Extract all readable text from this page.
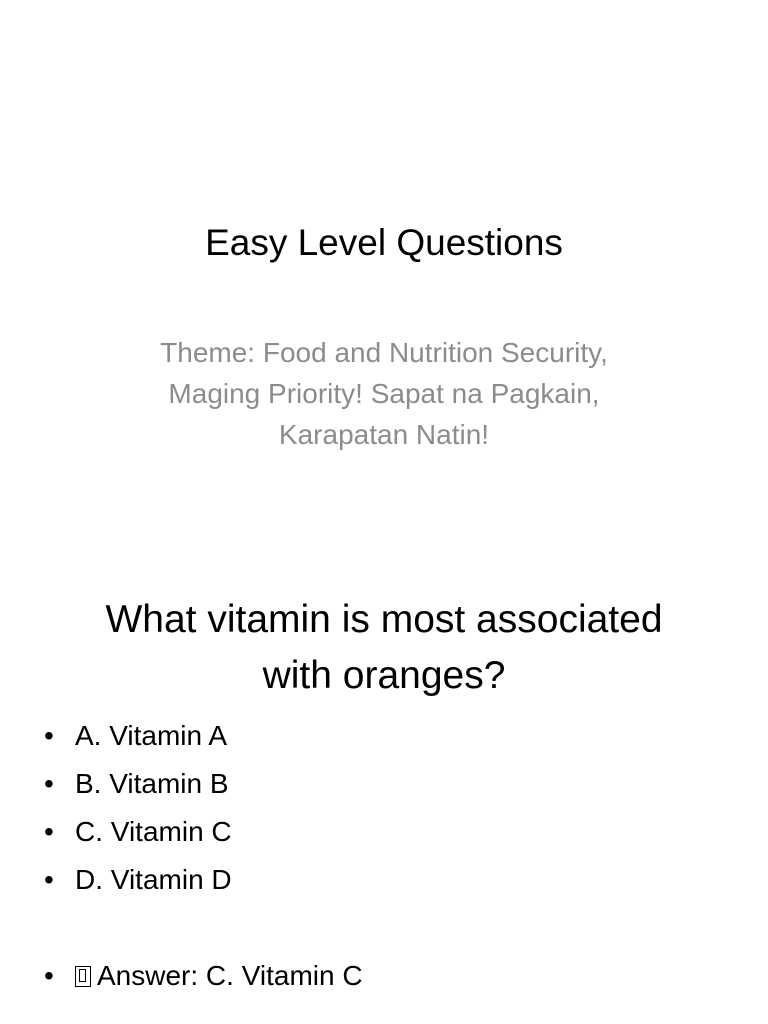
Easy Level Questions
Theme: Food and Nutrition Security,
Maging Priority! Sapat na Pagkain,
Karapatan Natin!
What vitamin is most associated
with oranges?
• A. Vitamin A
• B. Vitamin B
• C. Vitamin C
• D. Vitamin D
• Answer: C. Vitamin C
